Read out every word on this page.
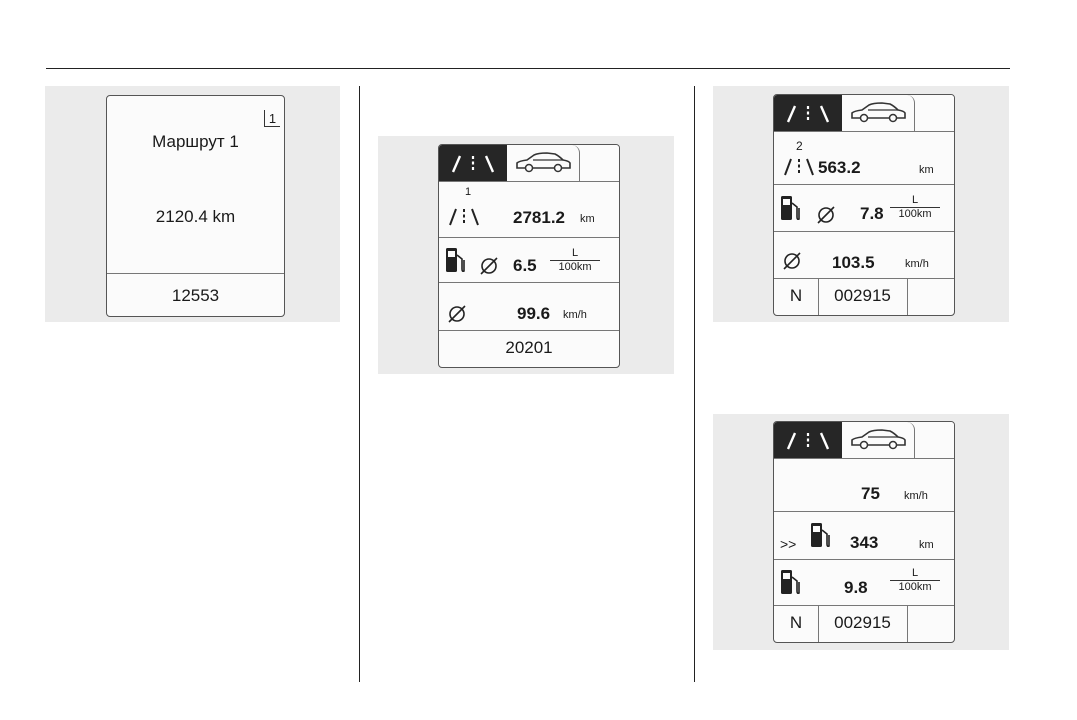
1
Маршрут 1
2120.4 km
12553
1
2781.2 km
$6.5 \frac{L}{100km}$
99.6 km/h
20201
2
563.2	km
$7.8 \frac{L}{100km}$
103.5	km/h
N	002915
75 km/h
>>	343	km
$9.8 \frac{L}{100km}$
N	002915
